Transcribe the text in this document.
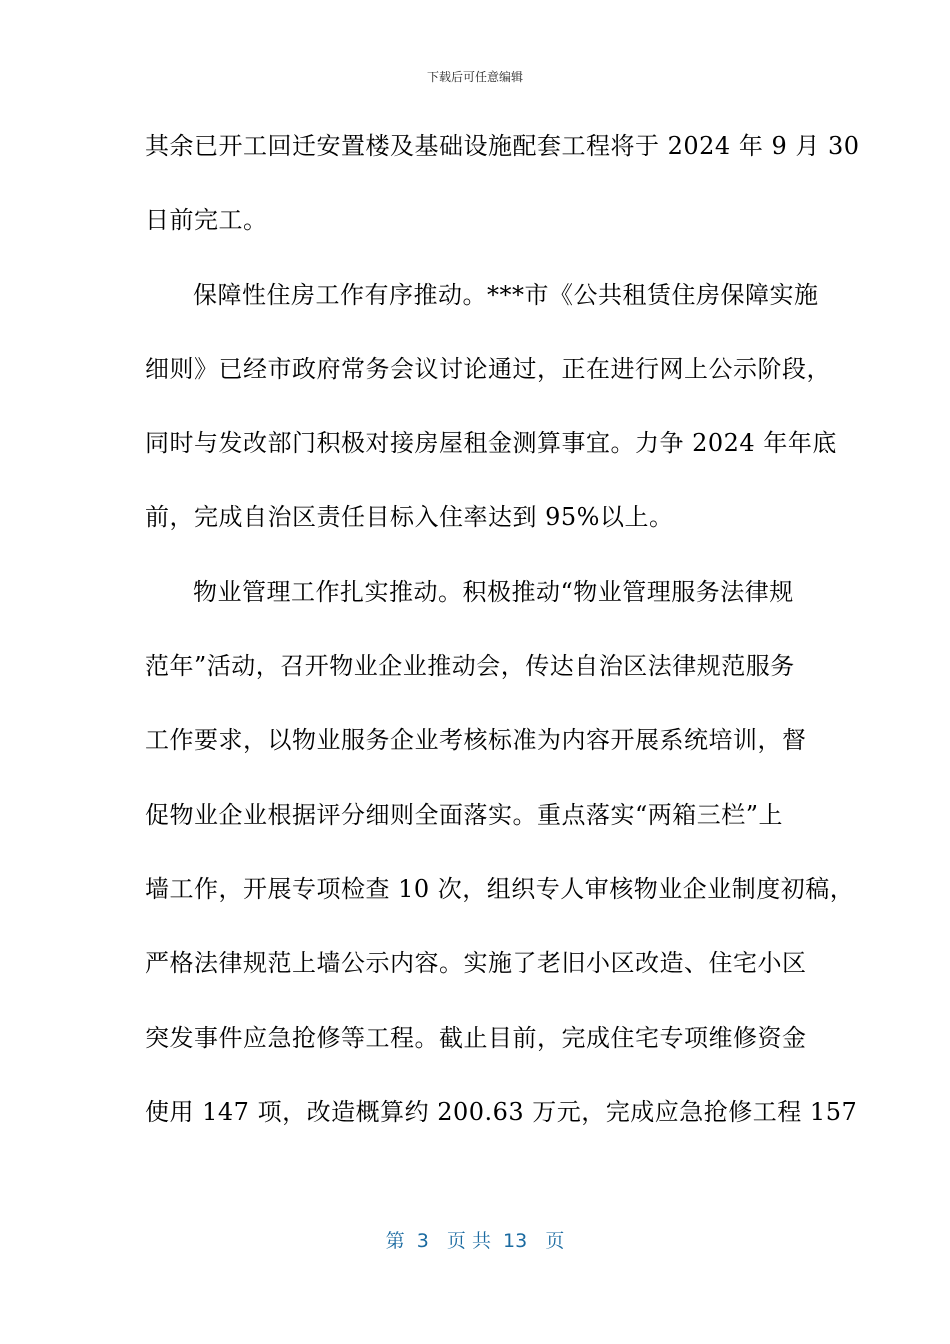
下载后可任意编辑
其余已开工回迁安置楼及基础设施配套工程将于 2024 年 9 月 30
日前完工。
保障性住房工作有序推动。***市《公共租赁住房保障实施
细则》已经市政府常务会议讨论通过，正在进行网上公示阶段，
同时与发改部门积极对接房屋租金测算事宜。力争 2024 年年底
前，完成自治区责任目标入住率达到 95%以上。
物业管理工作扎实推动。积极推动“物业管理服务法律规
范年”活动，召开物业企业推动会，传达自治区法律规范服务
工作要求，以物业服务企业考核标准为内容开展系统培训，督
促物业企业根据评分细则全面落实。重点落实“两箱三栏”上
墙工作，开展专项检查 10 次，组织专人审核物业企业制度初稿，
严格法律规范上墙公示内容。实施了老旧小区改造、住宅小区
突发事件应急抢修等工程。截止目前，完成住宅专项维修资金
使用 147 项，改造概算约 200.63 万元，完成应急抢修工程 157
第  3   页 共  13   页
